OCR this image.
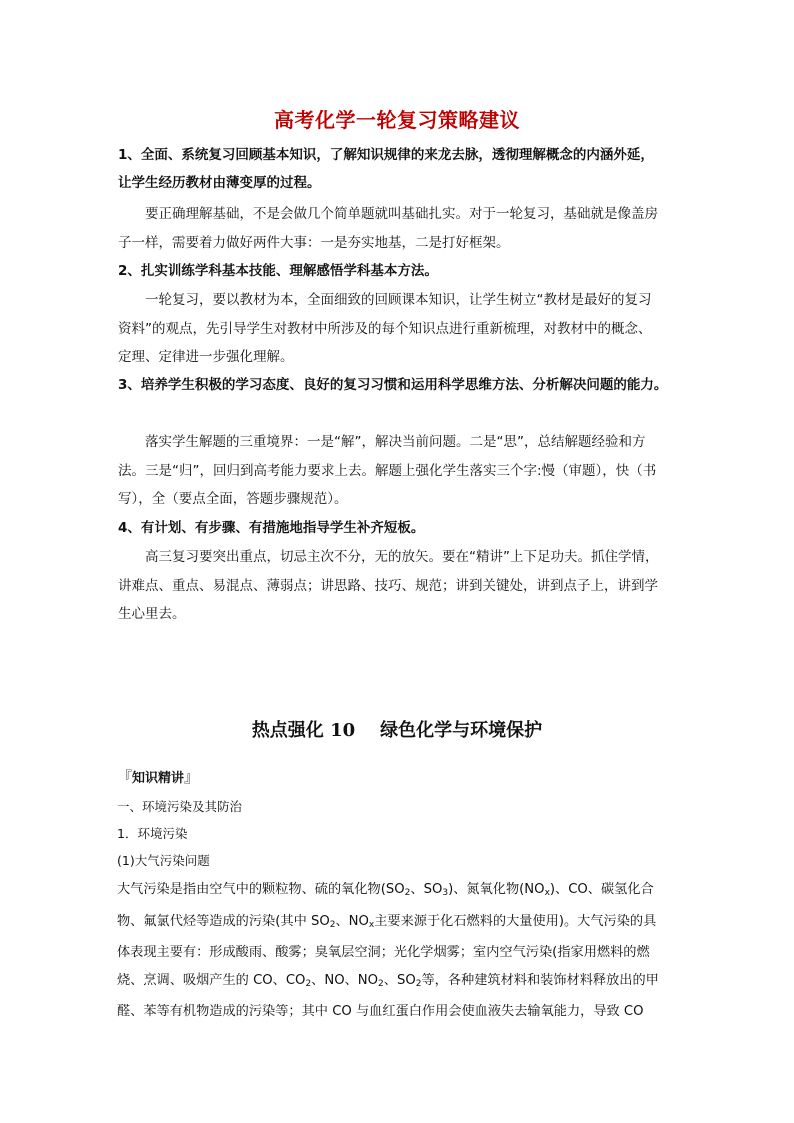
高考化学一轮复习策略建议
1、全面、系统复习回顾基本知识，了解知识规律的来龙去脉，透彻理解概念的内涵外延，
让学生经历教材由薄变厚的过程。
要正确理解基础，不是会做几个简单题就叫基础扎实。对于一轮复习，基础就是像盖房
子一样，需要着力做好两件大事：一是夯实地基，二是打好框架。
2、扎实训练学科基本技能、理解感悟学科基本方法。
一轮复习，要以教材为本，全面细致的回顾课本知识，让学生树立“教材是最好的复习
资料”的观点，先引导学生对教材中所涉及的每个知识点进行重新梳理，对教材中的概念、
定理、定律进一步强化理解。
3、培养学生积极的学习态度、良好的复习习惯和运用科学思维方法、分析解决问题的能力。
落实学生解题的三重境界：一是“解”，解决当前问题。二是“思”，总结解题经验和方
法。三是“归”，回归到高考能力要求上去。解题上强化学生落实三个字:慢（审题），快（书
写），全（要点全面，答题步骤规范）。
4、有计划、有步骤、有措施地指导学生补齐短板。
高三复习要突出重点，切忌主次不分，无的放矢。要在“精讲”上下足功夫。抓住学情，
讲难点、重点、易混点、薄弱点；讲思路、技巧、规范；讲到关键处，讲到点子上，讲到学
生心里去。
热点强化 10    绿色化学与环境保护
『知识精讲』
一、环境污染及其防治
1．环境污染
(1)大气污染问题
大气污染是指由空气中的颗粒物、硫的氧化物($SO_2$、$SO_3$)、氮氧化物$(NO_x)$、CO、碳氢化合
物、氟氯代烃等造成的污染(其中 $SO_2$、$NO_x$主要来源于化石燃料的大量使用)。大气污染的具
体表现主要有：形成酸雨、酸雾；臭氧层空洞；光化学烟雾；室内空气污染(指家用燃料的燃
烧、烹调、吸烟产生的 CO、$CO_2$、NO、$NO_2$、$SO_2$等，各种建筑材料和装饰材料释放出的甲
醛、苯等有机物造成的污染等；其中 CO 与血红蛋白作用会使血液失去输氧能力，导致 CO
